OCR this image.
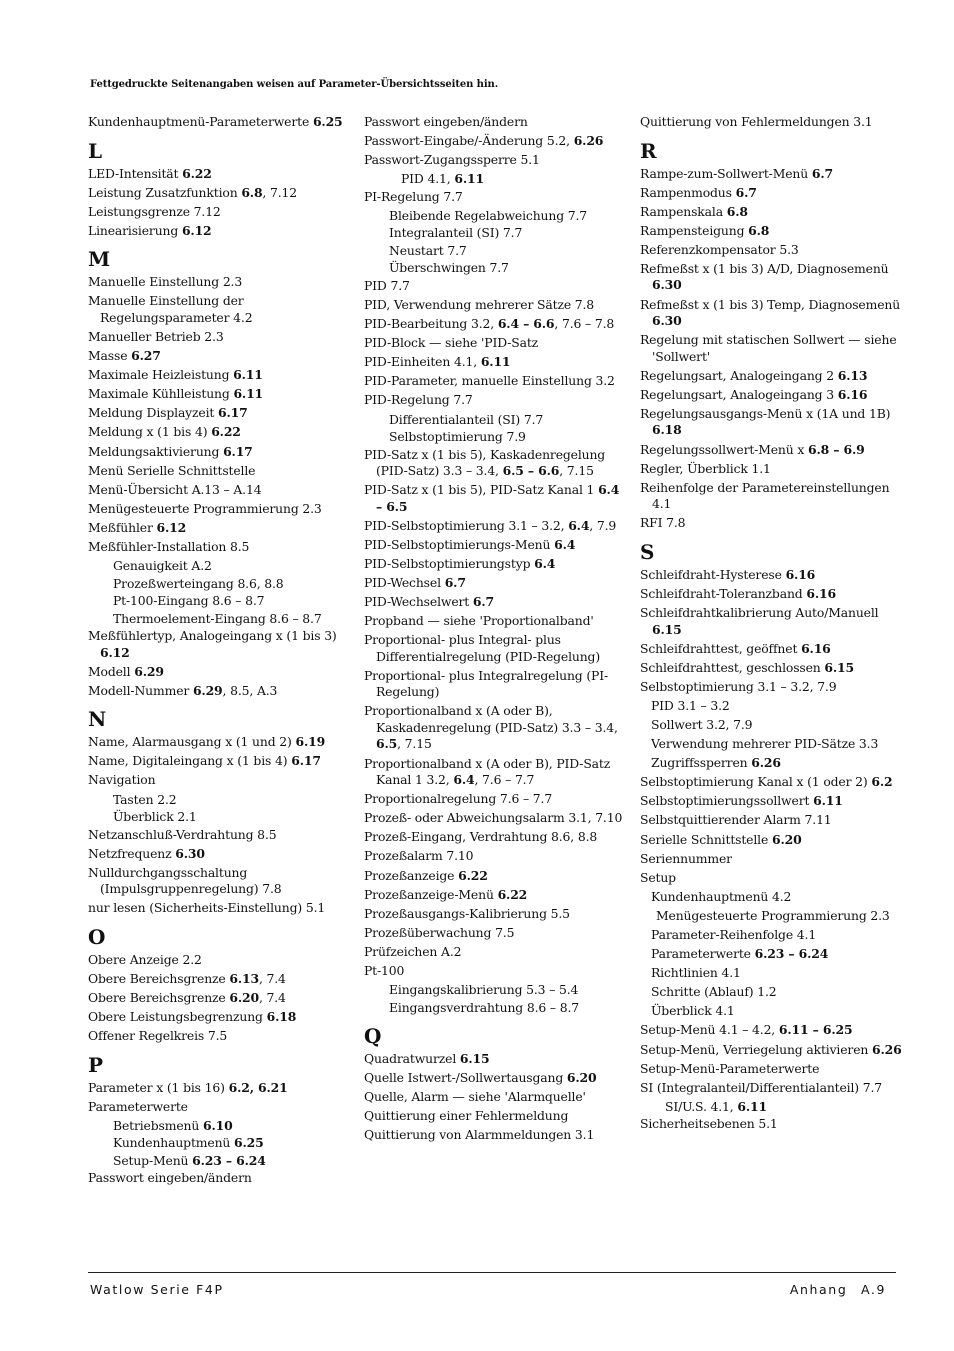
Fettgedruckte Seitenangaben weisen auf Parameter-Übersichtsseiten hin.
Kundenhauptmenü-Parameterwerte 6.25
L
LED-Intensität 6.22
Leistung Zusatzfunktion 6.8, 7.12
Leistungsgrenze 7.12
Linearisierung 6.12
M
Manuelle Einstellung 2.3
Manuelle Einstellung der Regelungsparameter 4.2
Manueller Betrieb 2.3
Masse 6.27
Maximale Heizleistung 6.11
Maximale Kühlleistung 6.11
Meldung Displayzeit 6.17
Meldung x (1 bis 4) 6.22
Meldungsaktivierung 6.17
Menü Serielle Schnittstelle
Menü-Übersicht A.13 – A.14
Menügesteuerte Programmierung 2.3
Meßfühler 6.12
Meßfühler-Installation 8.5
Genauigkeit A.2
Prozeßwerteingang 8.6, 8.8
Pt-100-Eingang 8.6 – 8.7
Thermoelement-Eingang 8.6 – 8.7
Meßfühlertyp, Analogeingang x (1 bis 3) 6.12
Modell 6.29
Modell-Nummer 6.29, 8.5, A.3
N
Name, Alarmausgang x (1 und 2) 6.19
Name, Digitaleingang x (1 bis 4) 6.17
Navigation
Tasten 2.2
Überblick 2.1
Netzanschluß-Verdrahtung 8.5
Netzfrequenz 6.30
Nulldurchgangsschaltung (Impulsgruppenregelung) 7.8
nur lesen (Sicherheits-Einstellung) 5.1
O
Obere Anzeige 2.2
Obere Bereichsgrenze 6.13, 7.4
Obere Bereichsgrenze 6.20, 7.4
Obere Leistungsbegrenzung 6.18
Offener Regelkreis 7.5
P
Parameter x (1 bis 16) 6.2, 6.21
Parameterwerte
Betriebsmenü 6.10
Kundenhauptmenü 6.25
Setup-Menü 6.23 – 6.24
Passwort eingeben/ändern
Passwort eingeben/ändern
Passwort-Eingabe/-Änderung 5.2, 6.26
Passwort-Zugangssperre 5.1
PID 4.1, 6.11
PI-Regelung 7.7
Bleibende Regelabweichung 7.7
Integralanteil (SI) 7.7
Neustart 7.7
Überschwingen 7.7
PID 7.7
PID, Verwendung mehrerer Sätze 7.8
PID-Bearbeitung 3.2, 6.4 – 6.6, 7.6 – 7.8
PID-Block — siehe 'PID-Satz
PID-Einheiten 4.1, 6.11
PID-Parameter, manuelle Einstellung 3.2
PID-Regelung 7.7
Differentialanteil (SI) 7.7
Selbstoptimierung 7.9
PID-Satz x (1 bis 5), Kaskadenregelung (PID-Satz) 3.3 – 3.4, 6.5 – 6.6, 7.15
PID-Satz x (1 bis 5), PID-Satz Kanal 1 6.4 – 6.5
PID-Selbstoptimierung 3.1 – 3.2, 6.4, 7.9
PID-Selbstoptimierungs-Menü 6.4
PID-Selbstoptimierungstyp 6.4
PID-Wechsel 6.7
PID-Wechselwert 6.7
Propband — siehe 'Proportionalband'
Proportional- plus Integral- plus Differentialregelung (PID-Regelung)
Proportional- plus Integralregelung (PI-Regelung)
Proportionalband x (A oder B), Kaskadenregelung (PID-Satz) 3.3 – 3.4, 6.5, 7.15
Proportionalband x (A oder B), PID-Satz Kanal 1 3.2, 6.4, 7.6 – 7.7
Proportionalregelung 7.6 – 7.7
Prozeß- oder Abweichungsalarm 3.1, 7.10
Prozeß-Eingang, Verdrahtung 8.6, 8.8
Prozeßalarm 7.10
Prozeßanzeige 6.22
Prozeßanzeige-Menü 6.22
Prozeßausgangs-Kalibrierung 5.5
Prozeßüberwachung 7.5
Prüfzeichen A.2
Pt-100
Eingangskalibrierung 5.3 – 5.4
Eingangsverdrahtung 8.6 – 8.7
Q
Quadratwurzel 6.15
Quelle Istwert-/Sollwertausgang 6.20
Quelle, Alarm — siehe 'Alarmquelle'
Quittierung einer Fehlermeldung
Quittierung von Alarmmeldungen 3.1
Quittierung von Fehlermeldungen 3.1
R
Rampe-zum-Sollwert-Menü 6.7
Rampenmodus 6.7
Rampenskala 6.8
Rampensteigung 6.8
Referenzkompensator 5.3
Refmeßst x (1 bis 3) A/D, Diagnosemenü 6.30
Refmeßst x (1 bis 3) Temp, Diagnosemenü 6.30
Regelung mit statischen Sollwert — siehe 'Sollwert'
Regelungsart, Analogeingang 2 6.13
Regelungsart, Analogeingang 3 6.16
Regelungsausgangs-Menü x (1A und 1B) 6.18
Regelungssollwert-Menü x 6.8 – 6.9
Regler, Überblick 1.1
Reihenfolge der Parametereinstellungen 4.1
RFI 7.8
S
Schleifdraht-Hysterese 6.16
Schleifdraht-Toleranzband 6.16
Schleifdrahtkalibrierung Auto/Manuell 6.15
Schleifdrahttest, geöffnet 6.16
Schleifdrahttest, geschlossen 6.15
Selbstoptimierung 3.1 – 3.2, 7.9
PID 3.1 – 3.2
Sollwert 3.2, 7.9
Verwendung mehrerer PID-Sätze 3.3
Zugriffssperren 6.26
Selbstoptimierung Kanal x (1 oder 2) 6.2
Selbstoptimierungssollwert 6.11
Selbstquittierender Alarm 7.11
Serielle Schnittstelle 6.20
Seriennummer
Setup
Kundenhauptmenü 4.2
Menügesteuerte Programmierung 2.3
Parameter-Reihenfolge 4.1
Parameterwerte 6.23 – 6.24
Richtlinien 4.1
Schritte (Ablauf) 1.2
Überblick 4.1
Setup-Menü 4.1 – 4.2, 6.11 – 6.25
Setup-Menü, Verriegelung aktivieren 6.26
Setup-Menü-Parameterwerte
SI (Integralanteil/Differentialanteil) 7.7
SI/U.S. 4.1, 6.11
Sicherheitsebenen 5.1
Watlow Serie F4P	Anhang A.9
